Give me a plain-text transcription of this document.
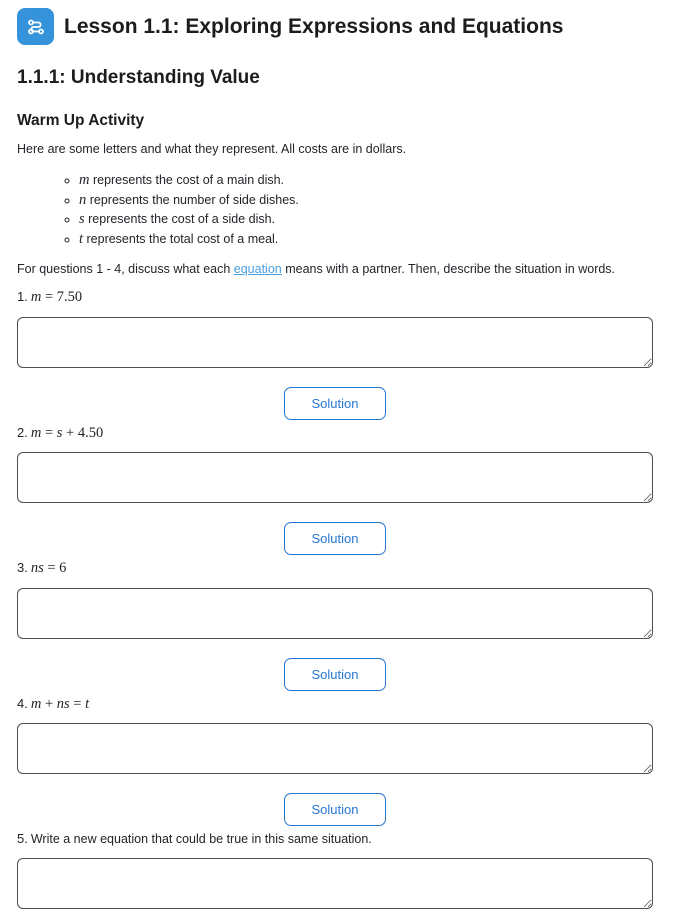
Lesson 1.1: Exploring Expressions and Equations
1.1.1: Understanding Value
Warm Up Activity

Here are some letters and what they represent. All costs are in dollars.

◦ m represents the cost of a main dish.
◦ n represents the number of side dishes.
◦ s represents the cost of a side dish.
◦ t represents the total cost of a meal.

For questions 1 - 4, discuss what each equation means with a partner. Then, describe the situation in words.

1. m = 7.50

Solution

2. m = s + 4.50

Solution

3. ns = 6

Solution

4. m + ns = t

Solution

5. Write a new equation that could be true in this same situation.
